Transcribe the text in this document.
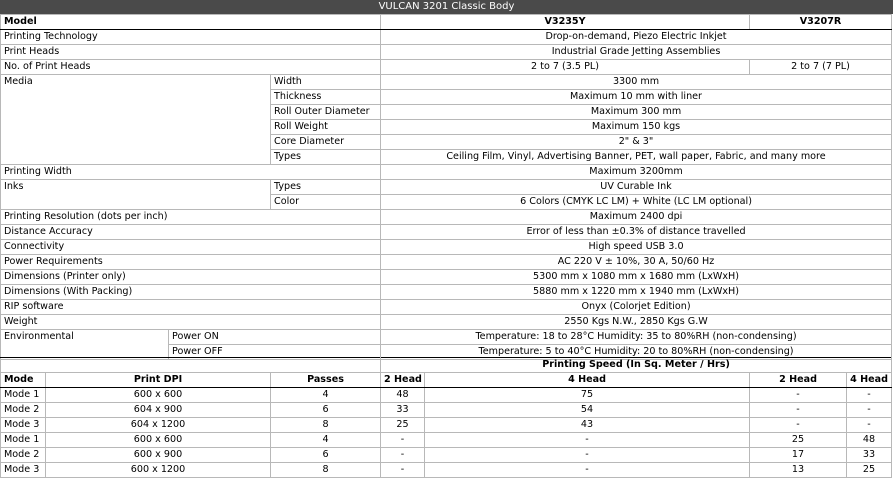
VULCAN 3201 Classic Body
Model			V3235Y	V3207R
Printing Technology			Drop-on-demand, Piezo Electric Inkjet	
Print Heads			Industrial Grade Jetting Assemblies	
No. of Print Heads			2 to 7 (3.5 PL)	2 to 7 (7 PL)
Media		Width	3300 mm	
		Thickness	Maximum 10 mm with liner	
		Roll Outer Diameter	Maximum 300 mm	
		Roll Weight	Maximum 150 kgs	
		Core Diameter	2" & 3"	
		Types	Ceiling Film, Vinyl, Advertising Banner, PET, wall paper, Fabric, and many more	
Printing Width			Maximum 3200mm	
Inks		Types	UV Curable Ink	
		Color	6 Colors (CMYK LC LM) + White (LC LM optional)	
Printing Resolution (dots per inch)			Maximum 2400 dpi	
Distance Accuracy			Error of less than ±0.3% of distance travelled	
Connectivity			High speed USB 3.0	
Power Requirements			AC 220 V ± 10%, 30 A, 50/60 Hz	
Dimensions (Printer only)			5300 mm x 1080 mm x 1680 mm (LxWxH)	
Dimensions (With Packing)			5880 mm x 1220 mm x 1940 mm (LxWxH)	
RIP software			Onyx (Colorjet Edition)	
Weight			2550 Kgs N.W., 2850 Kgs G.W	
Environmental	Power ON		Temperature: 18 to 28°C Humidity: 35 to 80%RH (non-condensing)	
	Power OFF		Temperature: 5 to 40°C Humidity: 20 to 80%RH (non-condensing)	
			Printing Speed (In Sq. Meter / Hrs)			
Mode	Print DPI	Passes	2 Head	4 Head	2 Head	4 Head
Mode 1	600 x 600	4	48	75	-	-
Mode 2	604 x 900	6	33	54	-	-
Mode 3	604 x 1200	8	25	43	-	-
Mode 1	600 x 600	4	-	-	25	48
Mode 2	600 x 900	6	-	-	17	33
Mode 3	600 x 1200	8	-	-	13	25
